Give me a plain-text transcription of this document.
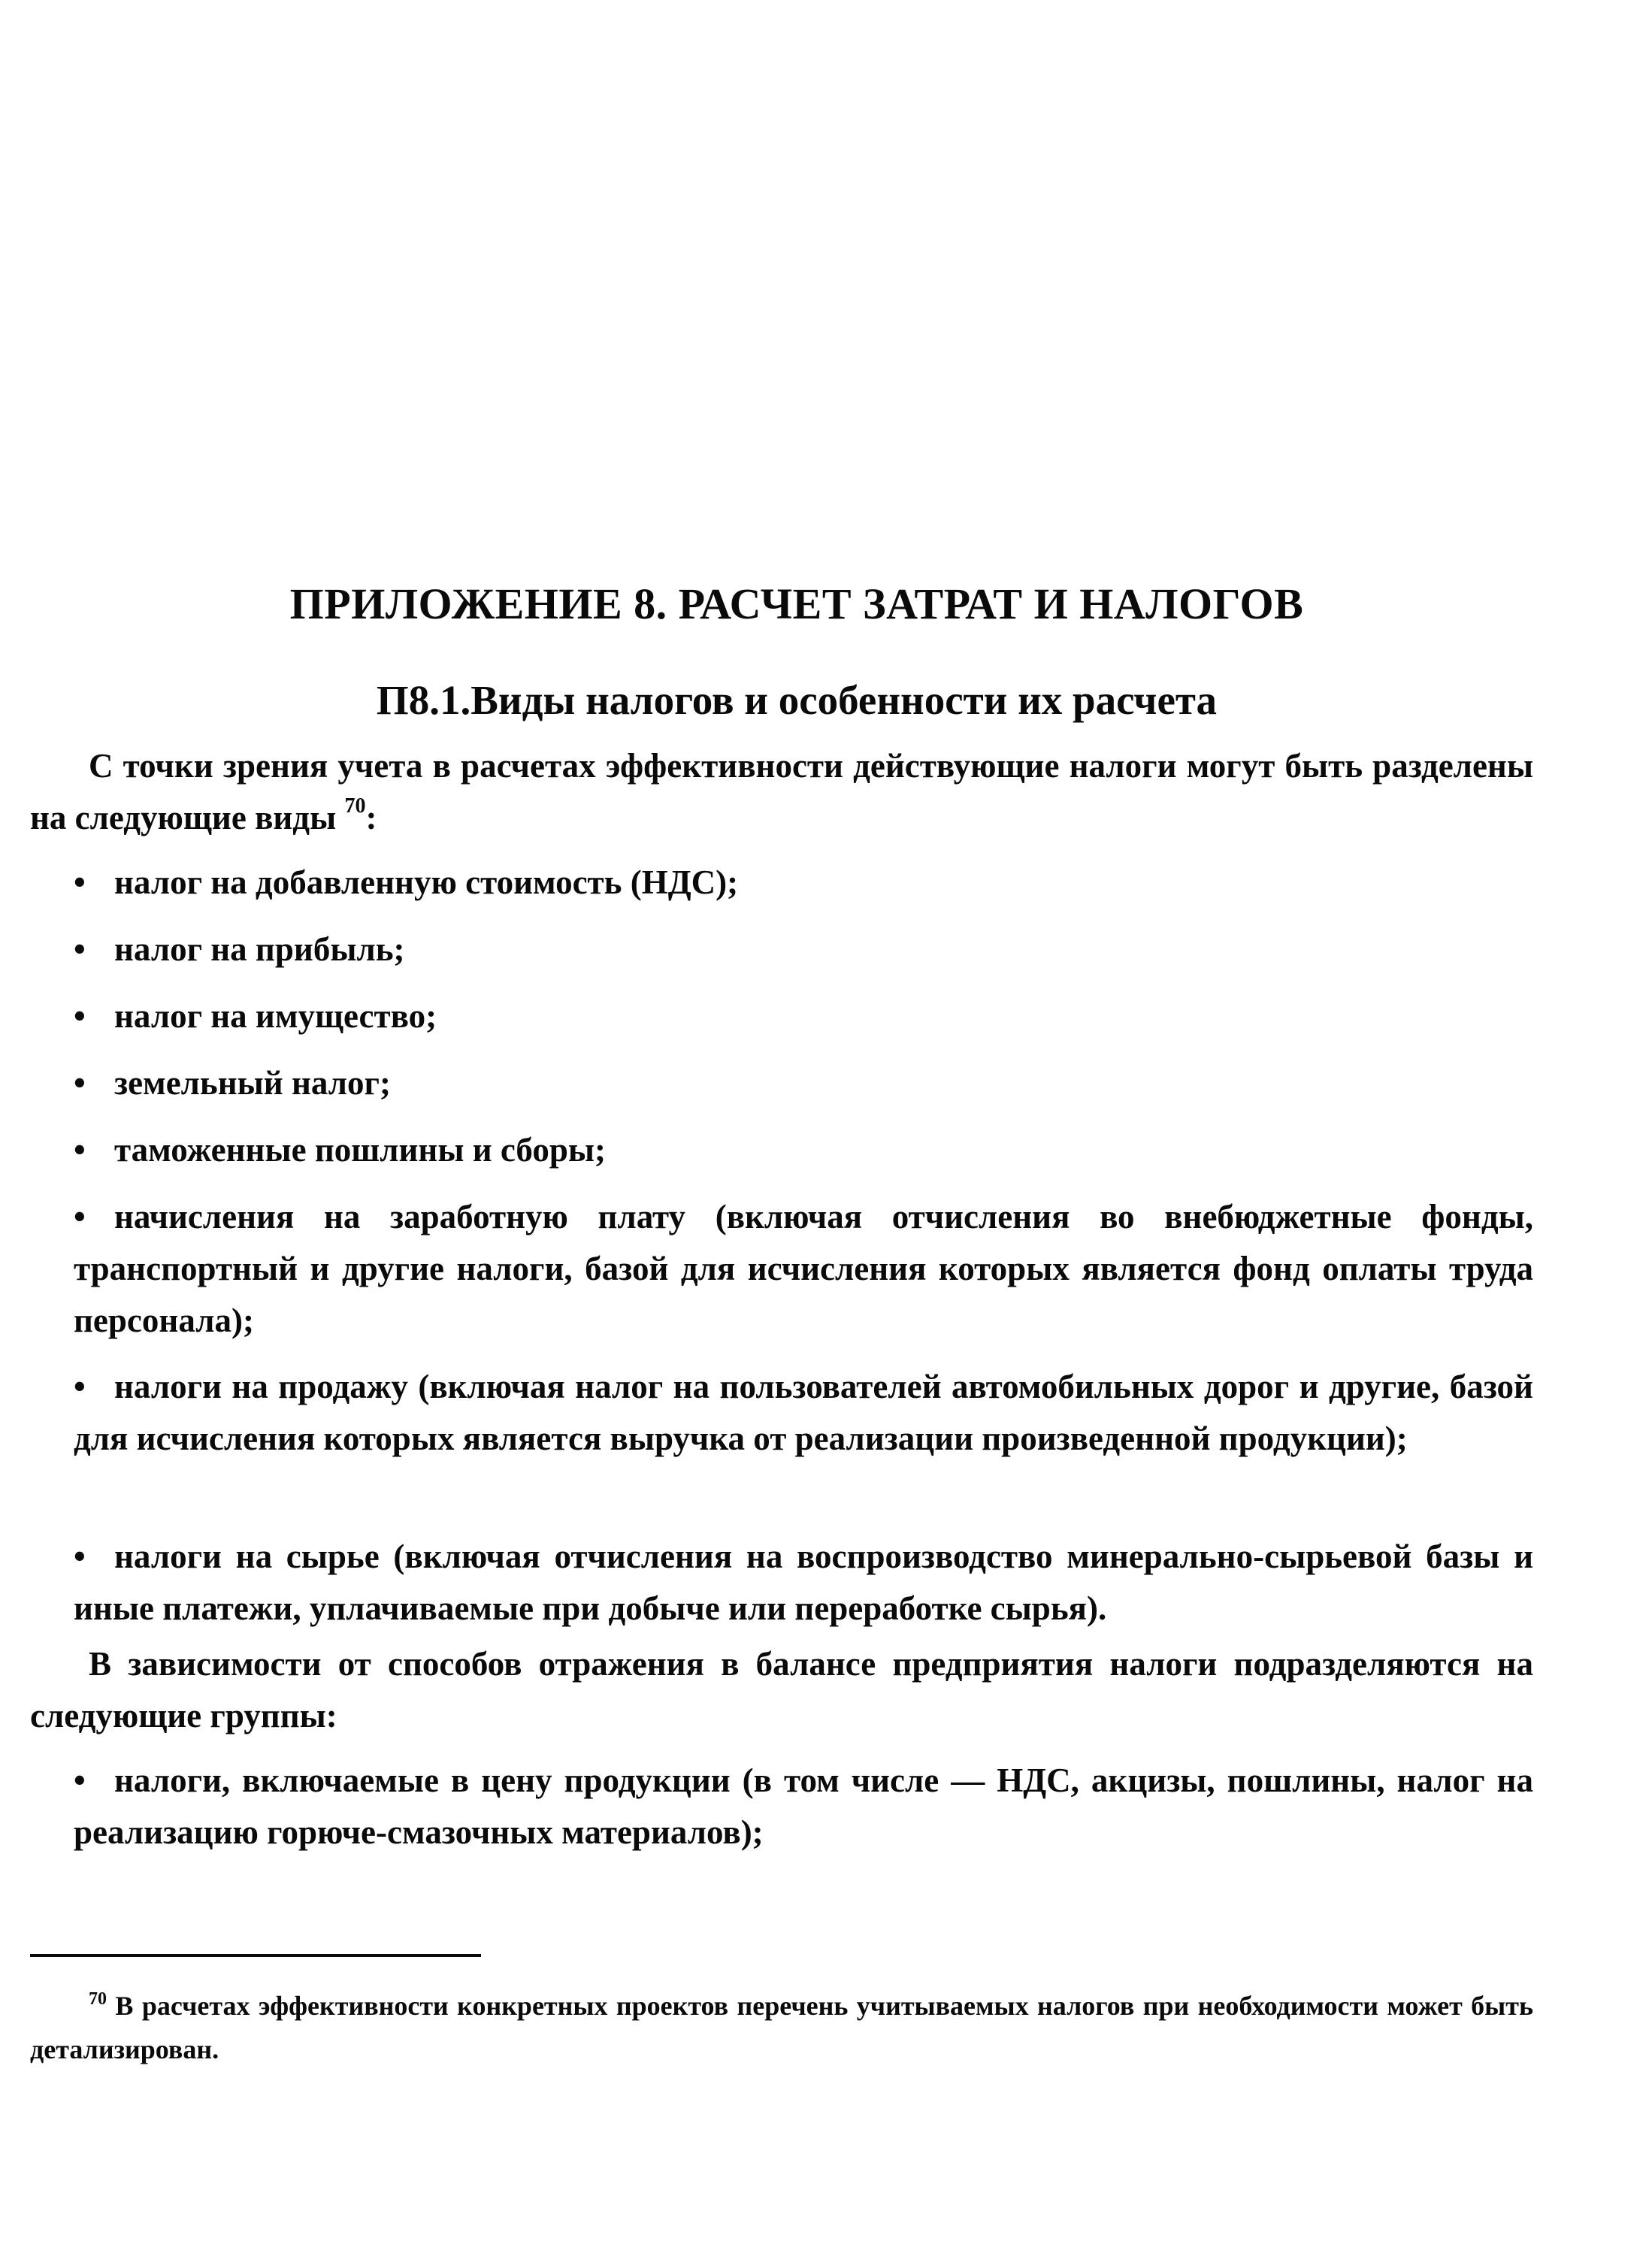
ПРИЛОЖЕНИЕ 8. РАСЧЕТ ЗАТРАТ И НАЛОГОВ
П8.1.Виды налогов и особенности их расчета

С точки зрения учета в расчетах эффективности действующие налоги могут быть разделены на следующие виды $^{70}$:

• налог на добавленную стоимость (НДС);

• налог на прибыль;

• налог на имущество;

• земельный налог;

• таможенные пошлины и сборы;

• начисления на заработную плату (включая отчисления во внебюджетные фонды, транспортный и другие налоги, базой для исчисления которых является фонд оплаты труда персонала);

• налоги на продажу (включая налог на пользователей автомобильных дорог и другие, базой для исчисления которых является выручка от реализации произведенной продукции);

• налоги на сырье (включая отчисления на воспроизводство минерально-сырьевой базы и иные платежи, уплачиваемые при добыче или переработке сырья).

В зависимости от способов отражения в балансе предприятия налоги подразделяются на следующие группы:

• налоги, включаемые в цену продукции (в том числе — НДС, акцизы, пошлины, налог на реализацию горюче-смазочных материалов);

$^{70}$ В расчетах эффективности конкретных проектов перечень учитываемых налогов при необходимости может быть детализирован.
